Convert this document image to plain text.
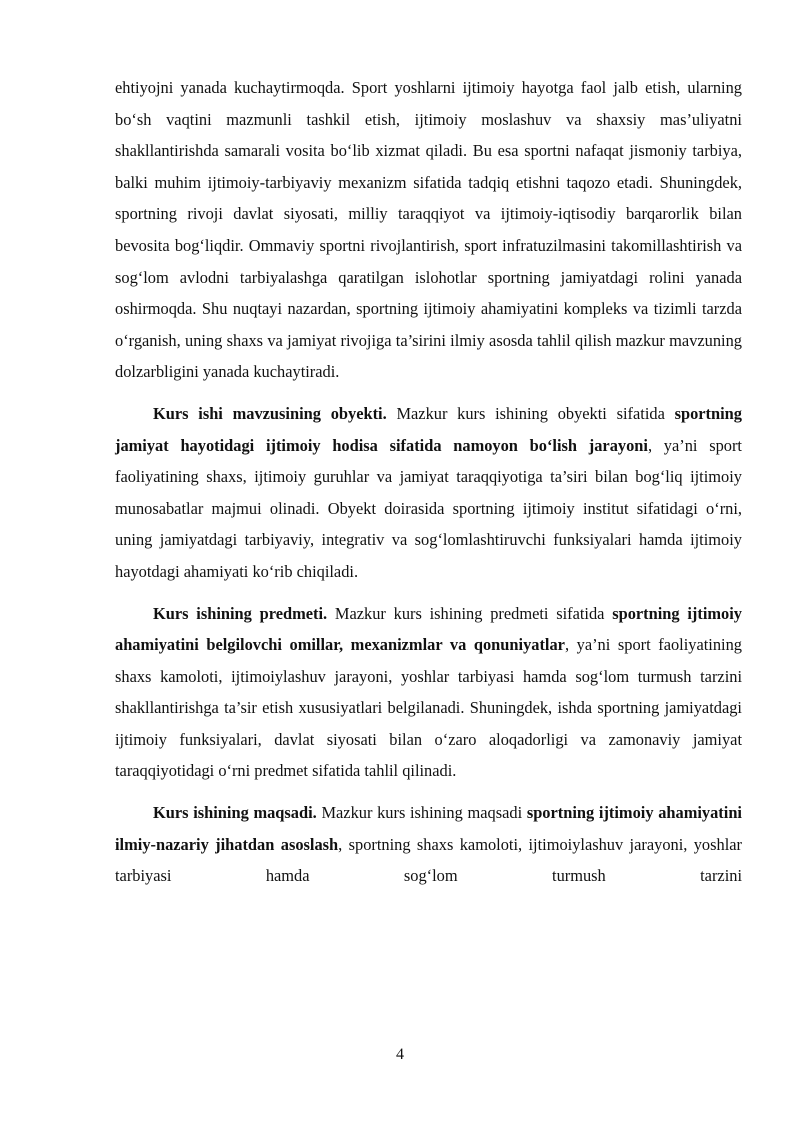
ehtiyojni yanada kuchaytirmoqda. Sport yoshlarni ijtimoiy hayotga faol jalb etish, ularning bo‘sh vaqtini mazmunli tashkil etish, ijtimoiy moslashuv va shaxsiy mas’uliyatni shakllantirishda samarali vosita bo‘lib xizmat qiladi. Bu esa sportni nafaqat jismoniy tarbiya, balki muhim ijtimoiy-tarbiyaviy mexanizm sifatida tadqiq etishni taqozo etadi. Shuningdek, sportning rivoji davlat siyosati, milliy taraqqiyot va ijtimoiy-iqtisodiy barqarorlik bilan bevosita bog‘liqdir. Ommaviy sportni rivojlantirish, sport infratuzilmasini takomillashtirish va sog‘lom avlodni tarbiyalashga qaratilgan islohotlar sportning jamiyatdagi rolini yanada oshirmoqda. Shu nuqtayi nazardan, sportning ijtimoiy ahamiyatini kompleks va tizimli tarzda o‘rganish, uning shaxs va jamiyat rivojiga ta’sirini ilmiy asosda tahlil qilish mazkur mavzuning dolzarbligini yanada kuchaytiradi.

Kurs ishi mavzusining obyekti. Mazkur kurs ishining obyekti sifatida sportning jamiyat hayotidagi ijtimoiy hodisa sifatida namoyon bo‘lish jarayoni, ya’ni sport faoliyatining shaxs, ijtimoiy guruhlar va jamiyat taraqqiyotiga ta’siri bilan bog‘liq ijtimoiy munosabatlar majmui olinadi. Obyekt doirasida sportning ijtimoiy institut sifatidagi o‘rni, uning jamiyatdagi tarbiyaviy, integrativ va sog‘lomlashtiruvchi funksiyalari hamda ijtimoiy hayotdagi ahamiyati ko‘rib chiqiladi.

Kurs ishining predmeti. Mazkur kurs ishining predmeti sifatida sportning ijtimoiy ahamiyatini belgilovchi omillar, mexanizmlar va qonuniyatlar, ya’ni sport faoliyatining shaxs kamoloti, ijtimoiylashuv jarayoni, yoshlar tarbiyasi hamda sog‘lom turmush tarzini shakllantirishga ta’sir etish xususiyatlari belgilanadi. Shuningdek, ishda sportning jamiyatdagi ijtimoiy funksiyalari, davlat siyosati bilan o‘zaro aloqadorligi va zamonaviy jamiyat taraqqiyotidagi o‘rni predmet sifatida tahlil qilinadi.

Kurs ishining maqsadi. Mazkur kurs ishining maqsadi sportning ijtimoiy ahamiyatini ilmiy-nazariy jihatdan asoslash, sportning shaxs kamoloti, ijtimoiylashuv jarayoni, yoshlar tarbiyasi hamda sog‘lom turmush tarzini

4
